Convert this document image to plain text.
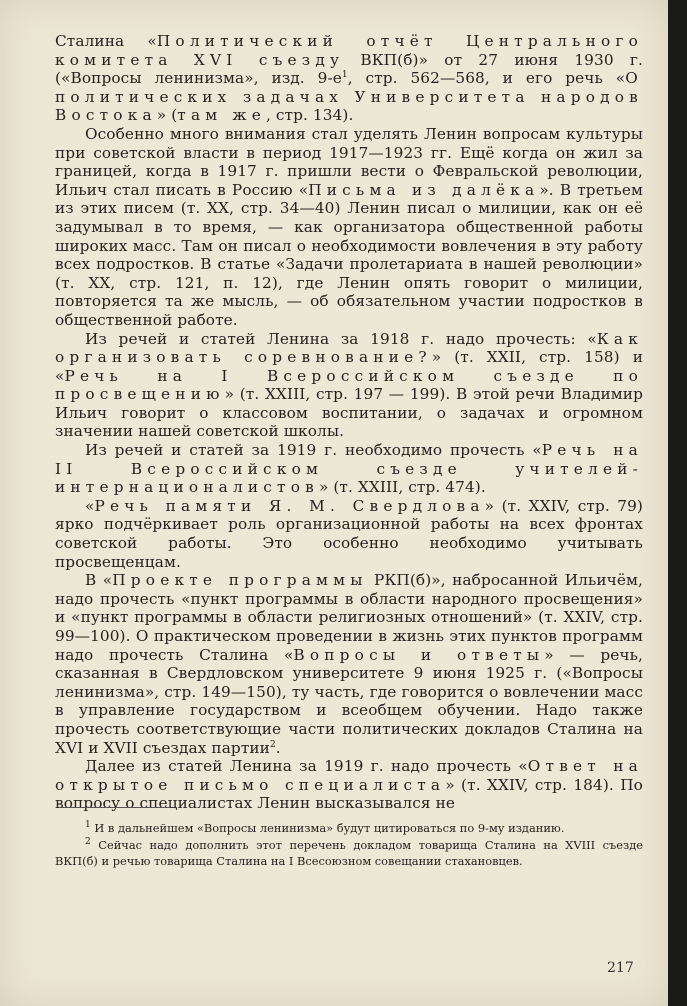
Сталина «Политический отчёт Центрального комитета XVI съезду ВКП(б)» от 27 июня 1930 г. («Вопросы ленинизма», изд. $9-е^1$, стр. 562—568, и его речь «О политических задачах Университета народов Востока» (там же, стр. 134).

Особенно много внимания стал уделять Ленин вопросам культуры при советской власти в период 1917—1923 гг. Ещё когда он жил за границей, когда в 1917 г. пришли вести о Февральской революции, Ильич стал писать в Россию «Письма из далёка». В третьем из этих писем (т. XX, стр. 34—40) Ленин писал о милиции, как он её задумывал в то время, — как организатора общественной работы широких масс. Там он писал о необходимости вовлечения в эту работу всех подростков. В статье «Задачи пролетариата в нашей революции» (т. XX, стр. 121, п. 12), где Ленин опять говорит о милиции, повторяется та же мысль, — об обязательном участии подростков в общественной работе.

Из речей и статей Ленина за 1918 г. надо прочесть: «Как организовать соревнование?» (т. XXII, стр. 158) и «Речь на I Всероссийском съезде по просвещению» (т. XXIII, стр. 197 — 199). В этой речи Владимир Ильич говорит о классовом воспитании, о задачах и огромном значении нашей советской школы.

Из речей и статей за 1919 г. необходимо прочесть «Речь на II Всероссийском съезде учителей-интернационалистов» (т. XXIII, стр. 474).

«Речь памяти Я. М. Свердлова» (т. XXIV, стр. 79) ярко подчёркивает роль организационной работы на всех фронтах советской работы. Это особенно необходимо учитывать просвещенцам.

В «Проекте программы РКП(б)», набросанной Ильичём, надо прочесть «пункт программы в области народного просвещения» и «пункт программы в области религиозных отношений» (т. XXIV, стр. 99—100). О практическом проведении в жизнь этих пунктов программ надо прочесть Сталина «Вопросы и ответы» — речь, сказанная в Свердловском университете 9 июня 1925 г. («Вопросы ленинизма», стр. 149—150), ту часть, где говорится о вовлечении масс в управление государством и всеобщем обучении. Надо также прочесть соответствующие части политических докладов Сталина на XVI и XVII съездах партии$^2$.

Далее из статей Ленина за 1919 г. надо прочесть «Ответ на открытое письмо специалиста» (т. XXIV, стр. 184). По вопросу о специалистах Ленин высказывался не

$^1$ И в дальнейшем «Вопросы ленинизма» будут цитироваться по 9-му изданию.

$^2$ Сейчас надо дополнить этот перечень докладом товарища Сталина на XVIII съезде ВКП(б) и речью товарища Сталина на I Всесоюзном совещании стахановцев.

217
